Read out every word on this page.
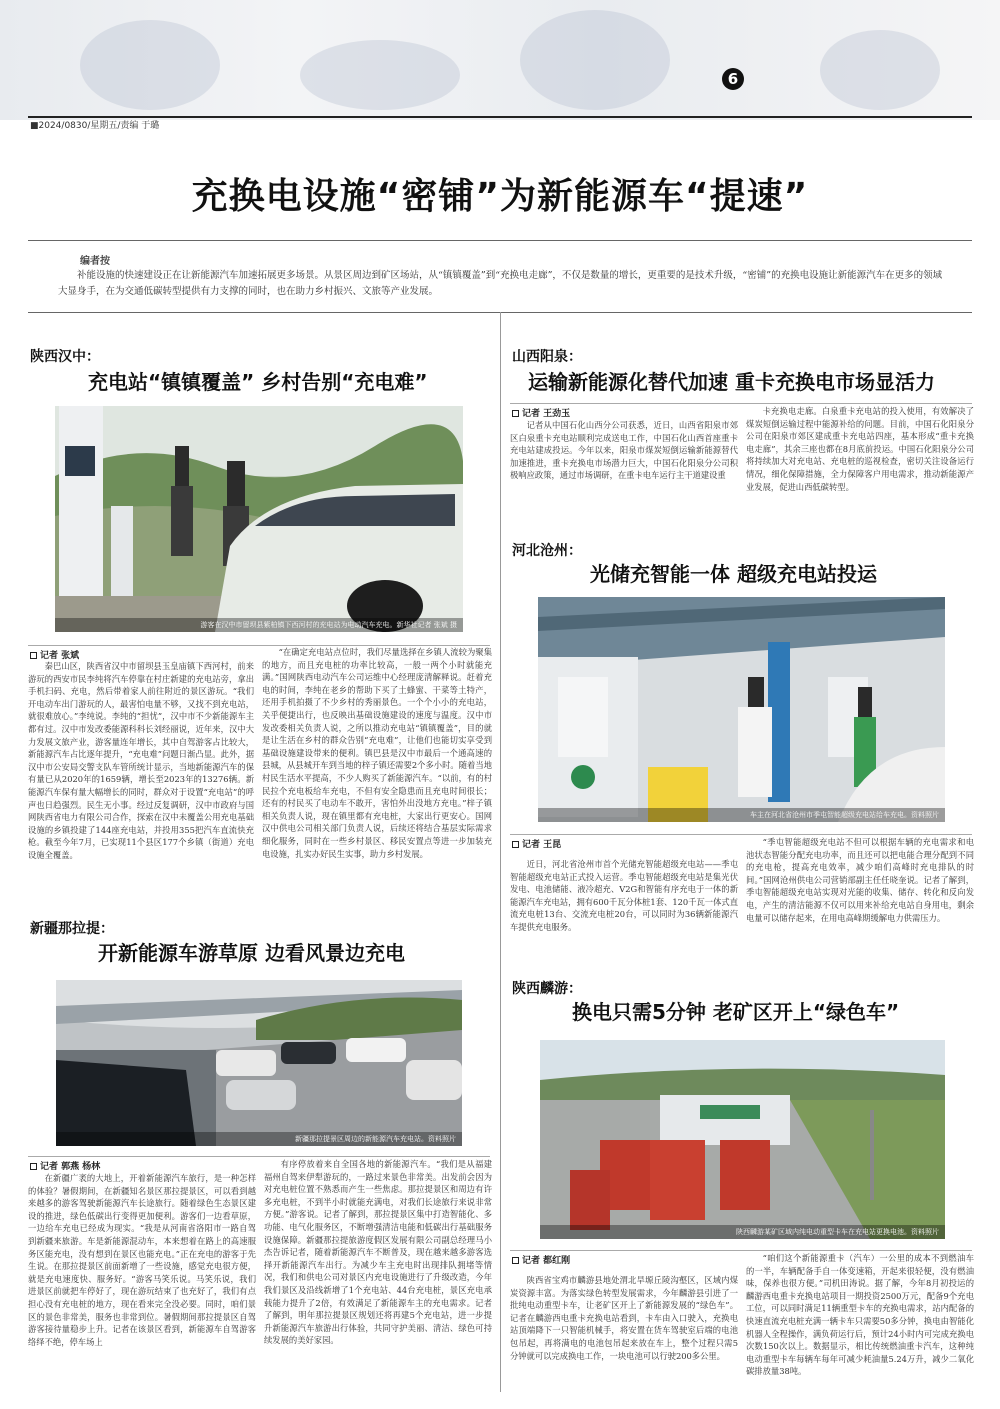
6
■2024/0830/星期五/责编 于璐
充换电设施“密铺”为新能源车“提速”
编者按
补能设施的快速建设正在让新能源汽车加速拓展更多场景。从景区周边到矿区场站，从“镇镇覆盖”到“充换电走廊”，不仅是数量的增长，更重要的是技术升级，“密铺”的充换电设施让新能源汽车在更多的领域大显身手，在为交通低碳转型提供有力支撑的同时，也在助力乡村振兴、文旅等产业发展。
陕西汉中：
充电站“镇镇覆盖” 乡村告别“充电难”
游客在汉中市留坝县紫柏镇下西河村的充电站为电动汽车充电。新华社记者 张斌 摄
记者 张斌
秦巴山区，陕西省汉中市留坝县玉皇庙镇下西河村，前来游玩的西安市民李纯将汽车停靠在村庄新建的充电站旁，拿出手机扫码、充电，然后带着家人前往附近的景区游玩。“我们开电动车出门游玩的人，最害怕电量不够，又找不到充电站，就很难放心。”李纯说。李纯的“担忧”，汉中市不少新能源车主都有过。汉中市发改委能源科科长刘经丽说，近年来，汉中大力发展文旅产业，游客量连年增长，其中自驾游客占比较大，新能源汽车占比逐年提升，“充电难”问题日渐凸显。此外，据汉中市公安局交警支队车管所统计显示，当地新能源汽车的保有量已从2020年的1659辆，增长至2023年的13276辆。新能源汽车保有量大幅增长的同时，群众对于设置“充电站”的呼声也日趋强烈。民生无小事。经过反复调研，汉中市政府与国网陕西省电力有限公司合作，探索在汉中未覆盖公用充电基础设施的乡镇投建了144座充电站，并投用355把汽车直流快充枪。截至今年7月，已实现11个县区177个乡镇（街道）充电设施全覆盖。
“在确定充电站点位时，我们尽量选择在乡镇人流较为聚集的地方，而且充电桩的功率比较高，一般一两个小时就能充满。”国网陕西电动汽车公司运维中心经理庞清解释说。赶着充电的时间，李纯在老乡的帮助下买了土蜂蜜、干菜等土特产，还用手机拍摄了不少乡村的秀丽景色。一个个小小的充电站，关乎便捷出行，也反映出基础设施建设的速度与温度。汉中市发改委相关负责人说，之所以推动充电站“镇镇覆盖”，目的就是让生活在乡村的群众告别“充电难”，让他们也能切实享受到基础设施建设带来的便利。镇巴县是汉中市最后一个通高速的县城，从县城开车到当地的梓子镇还需要2个多小时。随着当地村民生活水平提高，不少人购买了新能源汽车。“以前，有的村民拉个充电板给车充电，不但有安全隐患而且充电时间很长；还有的村民买了电动车不敢开，害怕外出没地方充电。”梓子镇相关负责人说，现在镇里都有充电桩，大家出行更安心。国网汉中供电公司相关部门负责人说，后续还将结合基层实际需求细化服务，同时在一些乡村景区、移民安置点等进一步加装充电设施，扎实办好民生实事，助力乡村发展。
新疆那拉提：
开新能源车游草原 边看风景边充电
新疆那拉提景区周边的新能源汽车充电站。资料照片
记者 郭燕 杨林
在新疆广袤的大地上，开着新能源汽车旅行，是一种怎样的体验？暑假期间，在新疆知名景区那拉提景区，可以看到越来越多的游客驾驶新能源汽车长途旅行。随着绿色生态景区建设的推进，绿色低碳出行变得更加便利。游客们一边看草原，一边给车充电已经成为现实。“我是从河南省洛阳市一路自驾到新疆来旅游。车是新能源混动车，本来想着在路上的高速服务区能充电，没有想到在景区也能充电。”正在充电的游客于先生说。在那拉提景区前面新增了一些设施，感觉充电很方便，就是充电速度快、服务好。“游客马笑乐说。马笑乐说，我们进景区前就把车停好了，现在游玩结束了也充好了，我们有点担心没有充电桩的地方，现在看来完全没必要。同时，咱们景区的景色非常美，服务也非常到位。暑假期间那拉提景区自驾游客接待量稳步上升。记者在该景区看到，新能源车自驾游客络绎不绝，停车场上
有序停放着来自全国各地的新能源汽车。“我们是从福建福州自驾来伊犁游玩的，一路过来景色非常美。出发前会因为对充电桩位置不熟悉而产生一些焦虑。那拉提景区和周边有许多充电桩，不到半小时就能充满电，对我们长途旅行来说非常方便。”游客说。记者了解到，那拉提景区集中打造智能化、多功能、电气化服务区，不断增强清洁电能和低碳出行基础服务设施保障。新疆那拉提旅游度假区发展有限公司副总经理马小杰告诉记者，随着新能源汽车不断普及，现在越来越多游客选择开新能源汽车出行。为减少车主充电时出现排队拥堵等情况，我们和供电公司对景区内充电设施进行了升级改造，今年我们景区及沿线新增了1个充电站、44台充电桩，景区充电承载能力提升了2倍，有效满足了新能源车主的充电需求。记者了解到，明年那拉提景区规划还将再建5个充电站，进一步提升新能源汽车旅游出行体验，共同守护美丽、清洁、绿色可持续发展的美好家园。
山西阳泉：
运输新能源化替代加速 重卡充换电市场显活力
记者 王劲玉
记者从中国石化山西分公司获悉，近日，山西省阳泉市郊区白泉重卡充电站顺利完成送电工作，中国石化山西首座重卡充电站建成投运。今年以来，阳泉市煤炭短倒运输新能源替代加速推进，重卡充换电市场潜力巨大，中国石化阳泉分公司积极响应政策，通过市场调研，在重卡电车运行主干道建设重
卡充换电走廊。白泉重卡充电站的投入使用，有效解决了煤炭短倒运输过程中能源补给的问题。目前，中国石化阳泉分公司在阳泉市郊区建成重卡充电站四座，基本形成“重卡充换电走廊”，其余三座也都在8月底前投运。中国石化阳泉分公司将持续加大对充电站、充电桩的巡视检查，密切关注设备运行情况，细化保障措施，全力保障客户用电需求，推动新能源产业发展，促进山西低碳转型。
河北沧州：
光储充智能一体 超级充电站投运
车主在河北省沧州市季屯智能超级充电站给车充电。资料照片
记者 王昆
近日，河北省沧州市首个光储充智能超级充电站——季屯智能超级充电站正式投入运营。季屯智能超级充电站是集光伏发电、电池储能、液冷超充、V2G和智能有序充电于一体的新能源汽车充电站，拥有600千瓦分体桩1套、120千瓦一体式直流充电桩13台、交流充电桩20台，可以同时为36辆新能源汽车提供充电服务。
“季屯智能超级充电站不但可以根据车辆的充电需求和电池状态智能分配充电功率，而且还可以把电能合理分配到不同的充电枪，提高充电效率，减少咱们高峰时充电排队的时间。”国网沧州供电公司营销部副主任任晓奎说。记者了解到，季屯智能超级充电站实现对光能的收集、储存、转化和反向发电，产生的清洁能源不仅可以用来补给充电站自身用电，剩余电量可以储存起来，在用电高峰期缓解电力供需压力。
陕西麟游：
换电只需5分钟 老矿区开上“绿色车”
陕西麟游某矿区域内纯电动重型卡车在充电站更换电池。资料照片
记者 都红刚
陕西省宝鸡市麟游县地处渭北旱塬丘陵沟壑区，区域内煤炭资源丰富。为落实绿色转型发展需求，今年麟游县引进了一批纯电动重型卡车，让老矿区开上了新能源发展的“绿色车”。记者在麟游西电重卡充换电站看到，卡车由入口驶入，充换电站顶端降下一只智能机械手，将安置在货车驾驶室后端的电池包吊起，再将满电的电池包吊起来放在车上，整个过程只需5分钟就可以完成换电工作，一块电池可以行驶200多公里。
“咱们这个新能源重卡（汽车）一公里的成本不到燃油车的一半，车辆配备手自一体变速箱，开起来很轻便，没有燃油味，保养也很方便。”司机田涛说。据了解，今年8月初投运的麟游西电重卡充换电站项目一期投资2500万元，配备9个充电工位，可以同时满足11辆重型卡车的充换电需求，站内配备的快速直流充电桩充满一辆卡车只需要50多分钟，换电由智能化机器人全程操作，满负荷运行后，预计24小时内可完成充换电次数150次以上。数据显示，相比传统燃油重卡汽车，这种纯电动重型卡车每辆车每年可减少耗油量5.24万升，减少二氧化碳排放量38吨。
